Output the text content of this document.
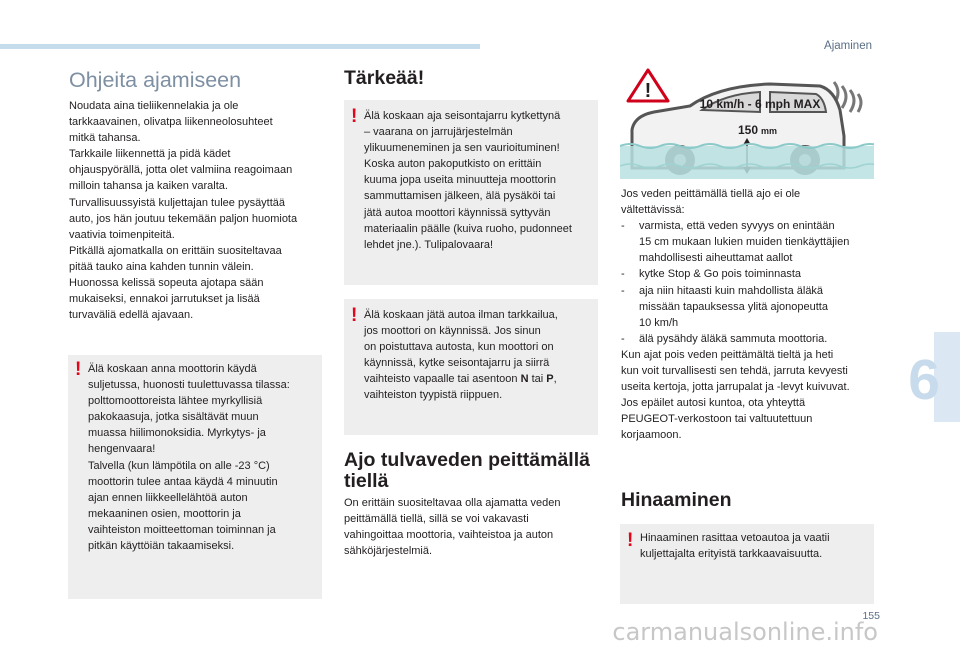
Ajaminen
6
Ohjeita ajamiseen
Noudata aina tieliikennelakia ja ole
tarkkaavainen, olivatpa liikenneolosuhteet
mitkä tahansa.
Tarkkaile liikennettä ja pidä kädet
ohjauspyörällä, jotta olet valmiina reagoimaan
milloin tahansa ja kaiken varalta.
Turvallisuussyistä kuljettajan tulee pysäyttää
auto, jos hän joutuu tekemään paljon huomiota
vaativia toimenpiteitä.
Pitkällä ajomatkalla on erittäin suositeltavaa
pitää tauko aina kahden tunnin välein.
Huonossa kelissä sopeuta ajotapa sään
mukaiseksi, ennakoi jarrutukset ja lisää
turvaväliä edellä ajavaan.
! Älä koskaan anna moottorin käydä
suljetussa, huonosti tuulettuvassa tilassa:
polttomoottoreista lähtee myrkyllisiä
pakokaasuja, jotka sisältävät muun
muassa hiilimonoksidia. Myrkytys- ja
hengenvaara!
Talvella (kun lämpötila on alle -23 °C)
moottorin tulee antaa käydä 4 minuutin
ajan ennen liikkeellelähtöä auton
mekaaninen osien, moottorin ja
vaihteiston moitteettoman toiminnan ja
pitkän käyttöiän takaamiseksi.
Tärkeää!
! Älä koskaan aja seisontajarru kytkettynä
– vaarana on jarrujärjestelmän
ylikuumeneminen ja sen vaurioituminen!
Koska auton pakoputkisto on erittäin
kuuma jopa useita minuutteja moottorin
sammuttamisen jälkeen, älä pysäköi tai
jätä autoa moottori käynnissä syttyvän
materiaalin päälle (kuiva ruoho, pudonneet
lehdet jne.). Tulipalovaara!
! Älä koskaan jätä autoa ilman tarkkailua,
jos moottori on käynnissä. Jos sinun
on poistuttava autosta, kun moottori on
käynnissä, kytke seisontajarru ja siirrä
vaihteisto vapaalle tai asentoon N tai P,
vaihteiston tyypistä riippuen.
Ajo tulvaveden peittämällä
tiellä
On erittäin suositeltavaa olla ajamatta veden
peittämällä tiellä, sillä se voi vakavasti
vahingoittaa moottoria, vaihteistoa ja auton
sähköjärjestelmiä.
!
10 km/h - 6 mph MAX
150 mm
Jos veden peittämällä tiellä ajo ei ole
vältettävissä:
-	varmista, että veden syvyys on enintään
15 cm mukaan lukien muiden tienkäyttäjien
mahdollisesti aiheuttamat aallot
-	kytke Stop & Go pois toiminnasta
-	aja niin hitaasti kuin mahdollista äläkä
missään tapauksessa ylitä ajonopeutta
10 km/h
-	älä pysähdy äläkä sammuta moottoria.
Kun ajat pois veden peittämältä tieltä ja heti
kun voit turvallisesti sen tehdä, jarruta kevyesti
useita kertoja, jotta jarrupalat ja -levyt kuivuvat.
Jos epäilet autosi kuntoa, ota yhteyttä
PEUGEOT-verkostoon tai valtuutettuun
korjaamoon.
Hinaaminen
! Hinaaminen rasittaa vetoautoa ja vaatii
kuljettajalta erityistä tarkkaavaisuutta.
155
carmanualsonline.info
